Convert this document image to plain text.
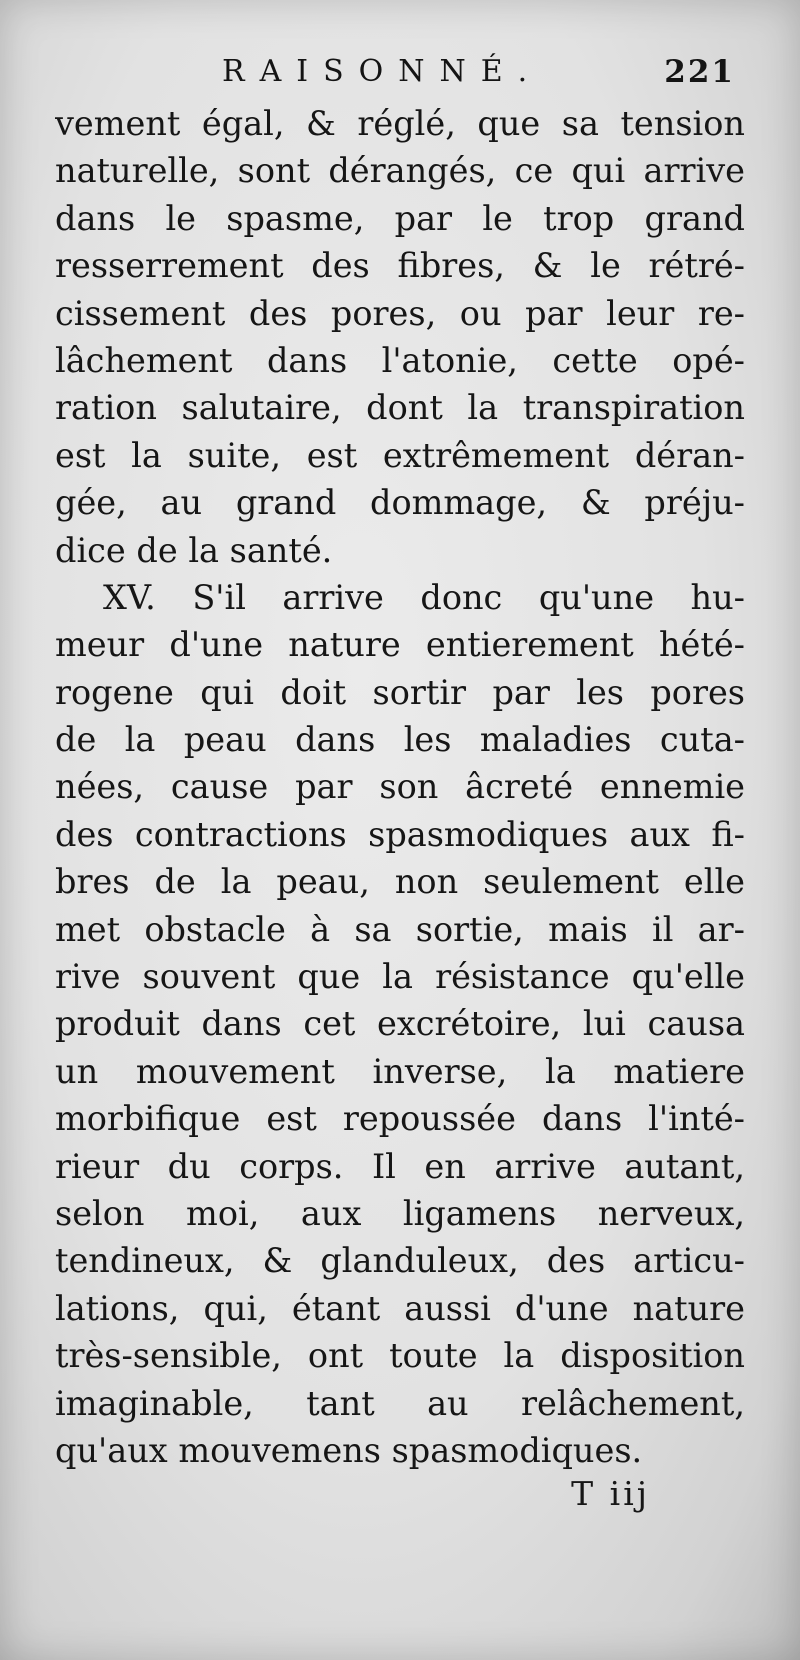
RAISONNÉ.	221
vement égal, & réglé, que sa tension
naturelle, sont dérangés, ce qui arrive
dans le spasme, par le trop grand
resserrement des fibres, & le rétré-
cissement des pores, ou par leur re-
lâchement dans l'atonie, cette opé-
ration salutaire, dont la transpiration
est la suite, est extrêmement déran-
gée, au grand dommage, & préju-
dice de la santé.
XV. S'il arrive donc qu'une hu-
meur d'une nature entierement hété-
rogene qui doit sortir par les pores
de la peau dans les maladies cuta-
nées, cause par son âcreté ennemie
des contractions spasmodiques aux fi-
bres de la peau, non seulement elle
met obstacle à sa sortie, mais il ar-
rive souvent que la résistance qu'elle
produit dans cet excrétoire, lui causa
un mouvement inverse, la matiere
morbifique est repoussée dans l'inté-
rieur du corps. Il en arrive autant,
selon moi, aux ligamens nerveux,
tendineux, & glanduleux, des articu-
lations, qui, étant aussi d'une nature
très-sensible, ont toute la disposition
imaginable, tant au relâchement,
qu'aux mouvemens spasmodiques.
T iij
